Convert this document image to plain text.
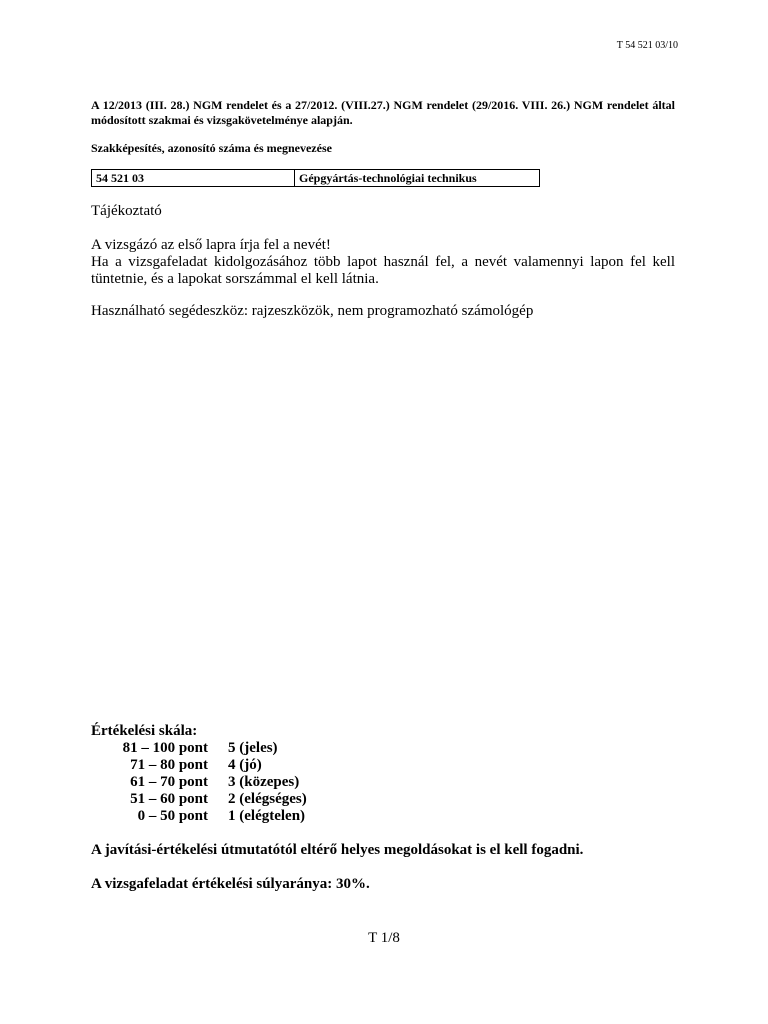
T 54 521 03/10
A 12/2013 (III. 28.) NGM rendelet és a 27/2012. (VIII.27.) NGM rendelet (29/2016. VIII. 26.) NGM rendelet által módosított szakmai és vizsgakövetelménye alapján.
Szakképesítés, azonosító száma és megnevezése
54 521 03	Gépgyártás-technológiai technikus
Tájékoztató

A vizsgázó az első lapra írja fel a nevét!

Ha a vizsgafeladat kidolgozásához több lapot használ fel, a nevét valamennyi lapon fel kell tüntetnie, és a lapokat sorszámmal el kell látnia.

Használható segédeszköz: rajzeszközök, nem programozható számológép
Értékelési skála:
81 – 100 pont 5 (jeles)
71 – 80 pont 4 (jó)
61 – 70 pont 3 (közepes)
51 – 60 pont 2 (elégséges)
0 – 50 pont 1 (elégtelen)
A javítási-értékelési útmutatótól eltérő helyes megoldásokat is el kell fogadni.
A vizsgafeladat értékelési súlyaránya: 30%.
T 1/8
